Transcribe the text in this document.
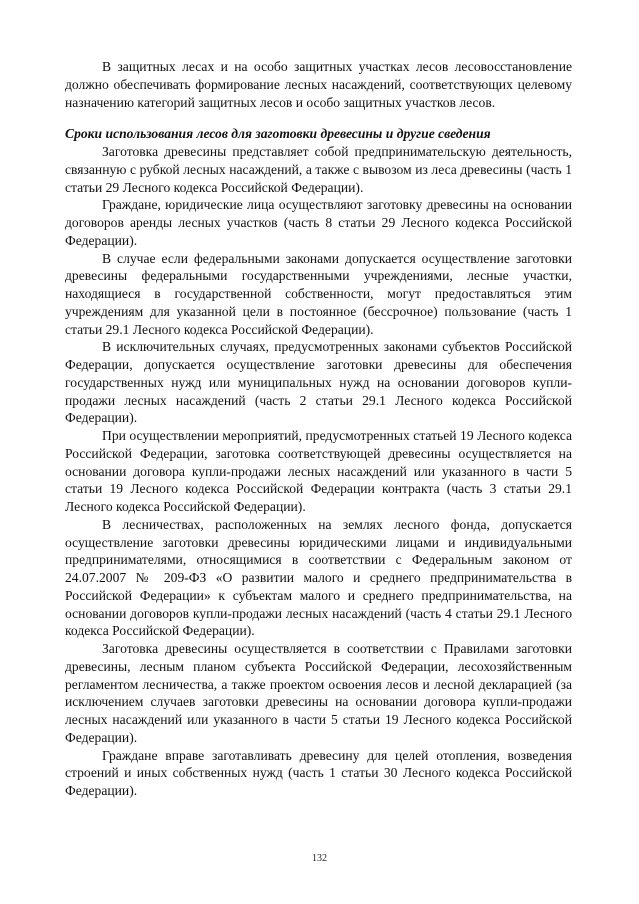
В защитных лесах и на особо защитных участках лесов лесовосстановление должно обеспечивать формирование лесных насаждений, соответствующих целевому назначению категорий защитных лесов и особо защитных участков лесов.

Сроки использования лесов для заготовки древесины и другие сведения

Заготовка древесины представляет собой предпринимательскую деятельность, связанную с рубкой лесных насаждений, а также с вывозом из леса древесины (часть 1 статьи 29 Лесного кодекса Российской Федерации).

Граждане, юридические лица осуществляют заготовку древесины на основании договоров аренды лесных участков (часть 8 статьи 29 Лесного кодекса Российской Федерации).

В случае если федеральными законами допускается осуществление заготовки древесины федеральными государственными учреждениями, лесные участки, находящиеся в государственной собственности, могут предоставляться этим учреждениям для указанной цели в постоянное (бессрочное) пользование (часть 1 статьи 29.1 Лесного кодекса Российской Федерации).

В исключительных случаях, предусмотренных законами субъектов Российской Федерации, допускается осуществление заготовки древесины для обеспечения государственных нужд или муниципальных нужд на основании договоров купли-продажи лесных насаждений (часть 2 статьи 29.1 Лесного кодекса Российской Федерации).

При осуществлении мероприятий, предусмотренных статьей 19 Лесного кодекса Российской Федерации, заготовка соответствующей древесины осуществляется на основании договора купли-продажи лесных насаждений или указанного в части 5 статьи 19 Лесного кодекса Российской Федерации контракта (часть 3 статьи 29.1 Лесного кодекса Российской Федерации).

В лесничествах, расположенных на землях лесного фонда, допускается осуществление заготовки древесины юридическими лицами и индивидуальными предпринимателями, относящимися в соответствии с Федеральным законом от 24.07.2007 № 209-ФЗ «О развитии малого и среднего предпринимательства в Российской Федерации» к субъектам малого и среднего предпринимательства, на основании договоров купли-продажи лесных насаждений (часть 4 статьи 29.1 Лесного кодекса Российской Федерации).

Заготовка древесины осуществляется в соответствии с Правилами заготовки древесины, лесным планом субъекта Российской Федерации, лесохозяйственным регламентом лесничества, а также проектом освоения лесов и лесной декларацией (за исключением случаев заготовки древесины на основании договора купли-продажи лесных насаждений или указанного в части 5 статьи 19 Лесного кодекса Российской Федерации).

Граждане вправе заготавливать древесину для целей отопления, возведения строений и иных собственных нужд (часть 1 статьи 30 Лесного кодекса Российской Федерации).

132
